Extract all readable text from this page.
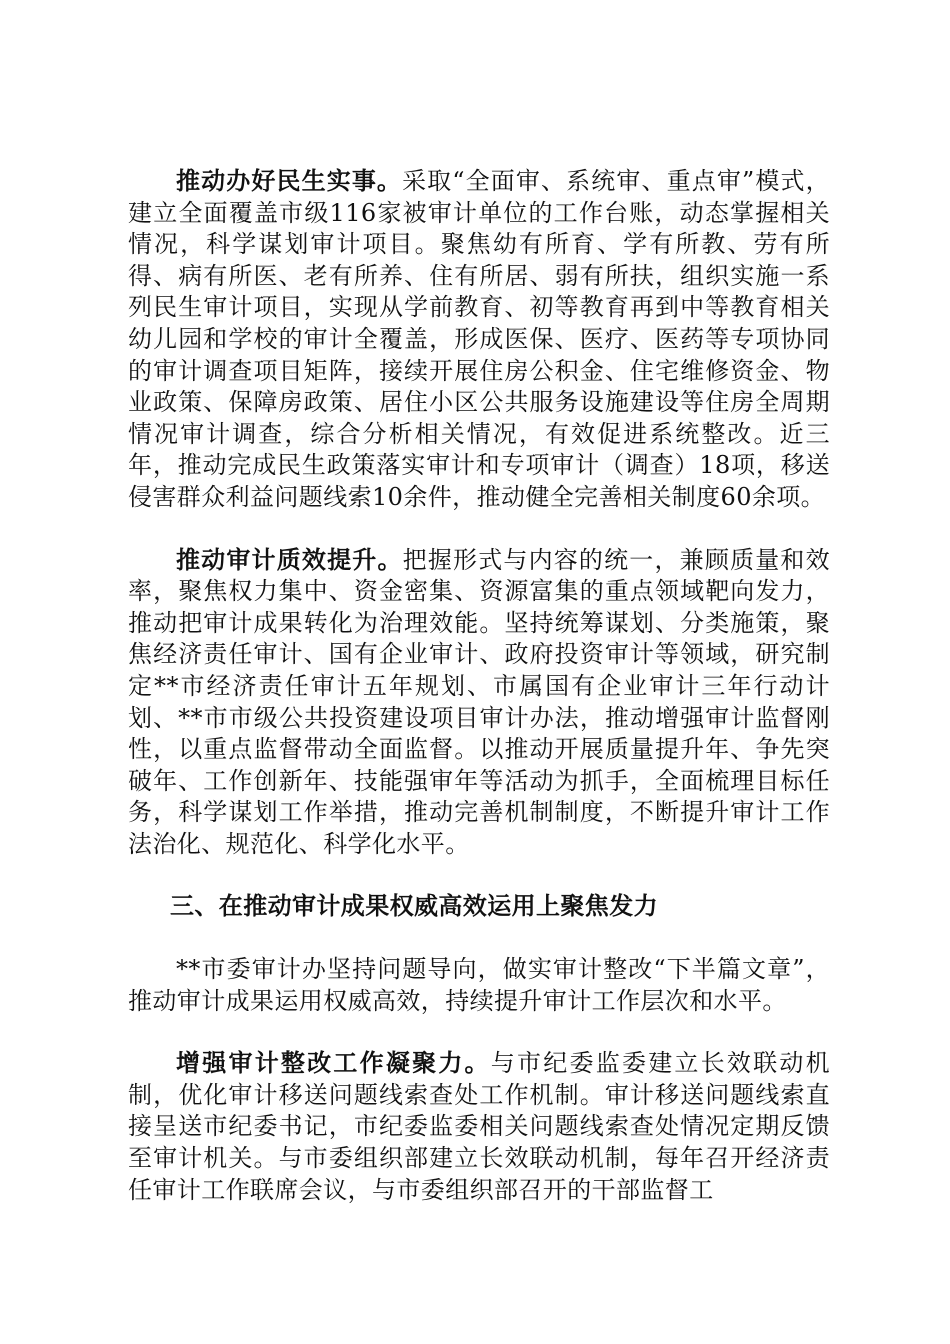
推动办好民生实事。采取“全面审、系统审、重点审”模式，建立全面覆盖市级116家被审计单位的工作台账，动态掌握相关情况，科学谋划审计项目。聚焦幼有所育、学有所教、劳有所得、病有所医、老有所养、住有所居、弱有所扶，组织实施一系列民生审计项目，实现从学前教育、初等教育再到中等教育相关幼儿园和学校的审计全覆盖，形成医保、医疗、医药等专项协同的审计调查项目矩阵，接续开展住房公积金、住宅维修资金、物业政策、保障房政策、居住小区公共服务设施建设等住房全周期情况审计调查，综合分析相关情况，有效促进系统整改。近三年，推动完成民生政策落实审计和专项审计（调查）18项，移送侵害群众利益问题线索10余件，推动健全完善相关制度60余项。

推动审计质效提升。把握形式与内容的统一，兼顾质量和效率，聚焦权力集中、资金密集、资源富集的重点领域靶向发力，推动把审计成果转化为治理效能。坚持统筹谋划、分类施策，聚焦经济责任审计、国有企业审计、政府投资审计等领域，研究制定**市经济责任审计五年规划、市属国有企业审计三年行动计划、**市市级公共投资建设项目审计办法，推动增强审计监督刚性，以重点监督带动全面监督。以推动开展质量提升年、争先突破年、工作创新年、技能强审年等活动为抓手，全面梳理目标任务，科学谋划工作举措，推动完善机制制度，不断提升审计工作法治化、规范化、科学化水平。

三、在推动审计成果权威高效运用上聚焦发力

**市委审计办坚持问题导向，做实审计整改“下半篇文章”，推动审计成果运用权威高效，持续提升审计工作层次和水平。

增强审计整改工作凝聚力。与市纪委监委建立长效联动机制，优化审计移送问题线索查处工作机制。审计移送问题线索直接呈送市纪委书记，市纪委监委相关问题线索查处情况定期反馈至审计机关。与市委组织部建立长效联动机制，每年召开经济责任审计工作联席会议，与市委组织部召开的干部监督工
